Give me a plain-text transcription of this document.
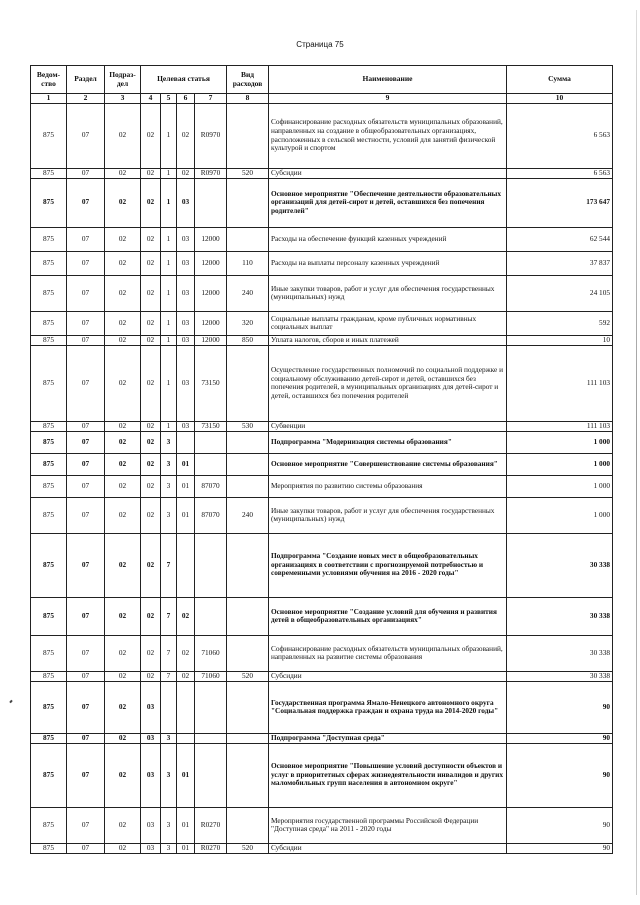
Страница 75
Ведом-ство	Раздел	Подраз-дел	Целевая статья				Вид расходов	Наименование	Сумма
1	2	3	4	5	6	7	8	9	10
875	07	02	02	1	02	R0970		Софинансирование расходных обязательств муниципальных образований, направленных на создание в общеобразовательных организациях, расположенных в сельской местности, условий для занятий физической культурой и спортом	6 563
875	07	02	02	1	02	R0970	520	Субсидии	6 563
875	07	02	02	1	03			Основное мероприятие "Обеспечение деятельности образовательных организаций для детей-сирот и детей, оставшихся без попечения родителей"	173 647
875	07	02	02	1	03	12000		Расходы на обеспечение функций казенных учреждений	62 544
875	07	02	02	1	03	12000	110	Расходы на выплаты персоналу казенных учреждений	37 837
875	07	02	02	1	03	12000	240	Иные закупки товаров, работ и услуг для обеспечения государственных (муниципальных) нужд	24 105
875	07	02	02	1	03	12000	320	Социальные выплаты гражданам, кроме публичных нормативных социальных выплат	592
875	07	02	02	1	03	12000	850	Уплата налогов, сборов и иных платежей	10
875	07	02	02	1	03	73150		Осуществление государственных полномочий по социальной поддержке и социальному обслуживанию детей-сирот и детей, оставшихся без попечения родителей, в муниципальных организациях для детей-сирот и детей, оставшихся без попечения родителей	111 103
875	07	02	02	1	03	73150	530	Субвенции	111 103
875	07	02	02	3				Подпрограмма "Модернизация системы образования"	1 000
875	07	02	02	3	01			Основное мероприятие "Совершенствование системы образования"	1 000
875	07	02	02	3	01	87070		Мероприятия по развитию системы образования	1 000
875	07	02	02	3	01	87070	240	Иные закупки товаров, работ и услуг для обеспечения государственных (муниципальных) нужд	1 000
875	07	02	02	7				Подпрограмма "Создание новых мест в общеобразовательных организациях в соответствии с прогнозируемой потребностью и современными условиями обучения на 2016 - 2020 годы"	30 338
875	07	02	02	7	02			Основное мероприятие "Создание условий для обучения и развития детей в общеобразовательных организациях"	30 338
875	07	02	02	7	02	71060		Софинансирование расходных обязательств муниципальных образований, направленных на развитие системы образования	30 338
875	07	02	02	7	02	71060	520	Субсидии	30 338
875	07	02	03					Государственная программа Ямало-Ненецкого автономного округа "Социальная поддержка граждан и охрана труда на 2014-2020 годы"	90
875	07	02	03	3				Подпрограмма "Доступная среда"	90
875	07	02	03	3	01			Основное мероприятие "Повышение условий доступности объектов и услуг в приоритетных сферах жизнедеятельности инвалидов и других маломобильных групп населения в автономном округе"	90
875	07	02	03	3	01	R0270		Мероприятия государственной программы Российской Федерации "Доступная среда" на 2011 - 2020 годы	90
875	07	02	03	3	01	R0270	520	Субсидии	90
